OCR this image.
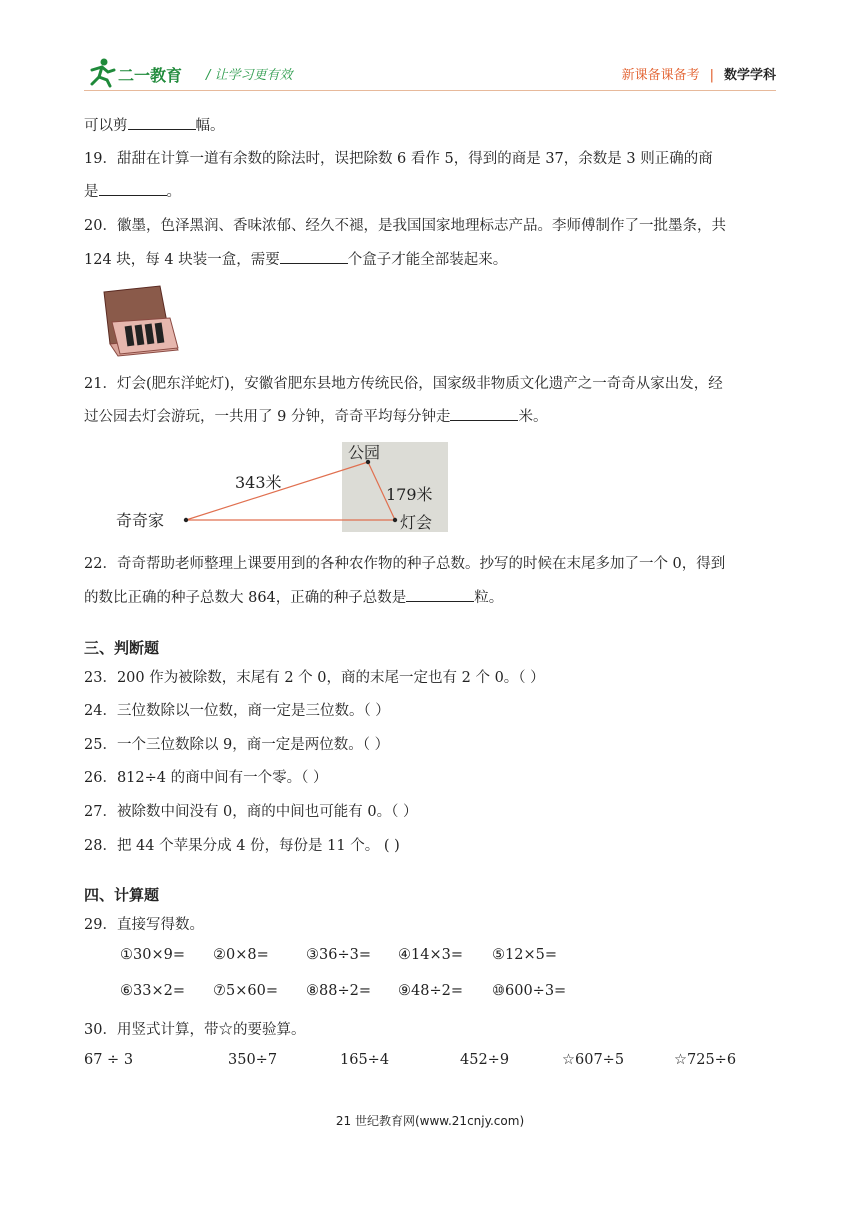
二一教育 / 让学习更有效	新课备课备考 | 数学学科
可以剪	幅。
19．甜甜在计算一道有余数的除法时，误把除数 6 看作 5，得到的商是 37，余数是 3 则正确的商
是	。
20．徽墨，色泽黑润、香味浓郁、经久不褪，是我国国家地理标志产品。李师傅制作了一批墨条，共
124 块，每 4 块装一盒，需要	个盒子才能全部装起来。
21．灯会(肥东洋蛇灯)，安徽省肥东县地方传统民俗，国家级非物质文化遗产之一奇奇从家出发，经
过公园去灯会游玩，一共用了 9 分钟，奇奇平均每分钟走	米。
奇奇家
公园
灯会
343米
179米
22．奇奇帮助老师整理上课要用到的各种农作物的种子总数。抄写的时候在末尾多加了一个 0，得到
的数比正确的种子总数大 864，正确的种子总数是	粒。
三、判断题
23．200 作为被除数，末尾有 2 个 0，商的末尾一定也有 2 个 0。（ ）
24．三位数除以一位数，商一定是三位数。（ ）
25．一个三位数除以 9，商一定是两位数。（ ）
26．812÷4 的商中间有一个零。（ ）
27．被除数中间没有 0，商的中间也可能有 0。（ ）
28．把 44 个苹果分成 4 份，每份是 11 个。 ( )
四、计算题
29．直接写得数。
①30×9= ②0×8=	③36÷3= ④14×3= ⑤12×5=
⑥33×2= ⑦5×60= ⑧88÷2= ⑨48÷2= ⑩600÷3=
30．用竖式计算，带☆的要验算。
67 ÷ 3	350÷7	165÷4	452÷9	☆607÷5	☆725÷6
21 世纪教育网(www.21cnjy.com)
